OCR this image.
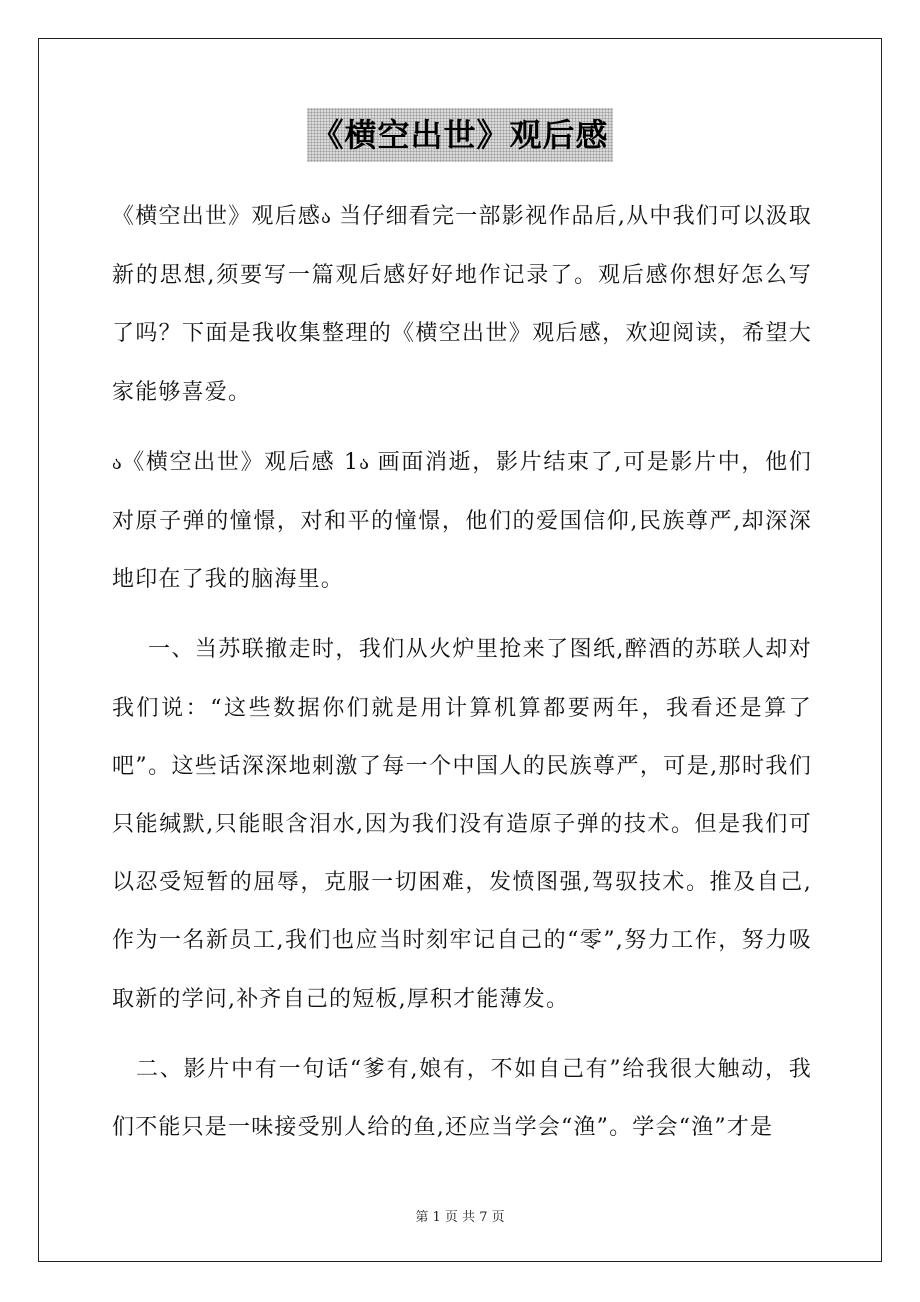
《横空出世》观后感

《横空出世》观后感ა 当仔细看完一部影视作品后,从中我们可以汲取新的思想,须要写一篇观后感好好地作记录了。观后感你想好怎么写了吗？下面是我收集整理的《横空出世》观后感，欢迎阅读，希望大家能够喜爱。

ა《横空出世》观后感 1ა 画面消逝，影片结束了,可是影片中，他们对原子弹的憧憬，对和平的憧憬，他们的爱国信仰,民族尊严,却深深地印在了我的脑海里。

一、当苏联撤走时，我们从火炉里抢来了图纸,醉酒的苏联人却对我们说：“这些数据你们就是用计算机算都要两年，我看还是算了吧”。这些话深深地刺激了每一个中国人的民族尊严，可是,那时我们只能缄默,只能眼含泪水,因为我们没有造原子弹的技术。但是我们可以忍受短暂的屈辱，克服一切困难，发愤图强,驾驭技术。推及自己,作为一名新员工,我们也应当时刻牢记自己的“零”,努力工作，努力吸取新的学问,补齐自己的短板,厚积才能薄发。

二、影片中有一句话“爹有,娘有，不如自己有”给我很大触动，我们不能只是一味接受别人给的鱼,还应当学会“渔”。学会“渔”才是

第 1 页 共 7 页
